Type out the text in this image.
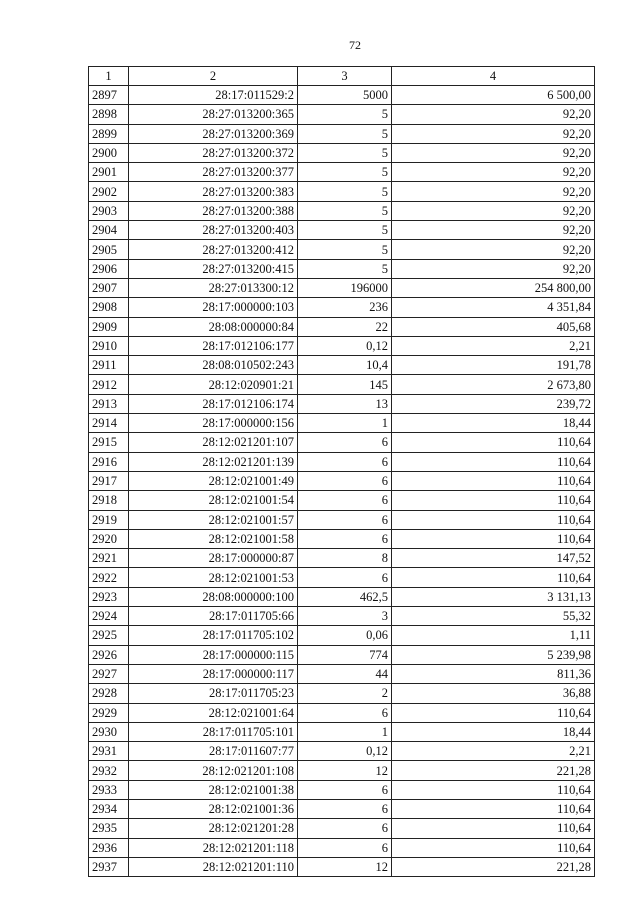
72
1	2	3	4
2897	28:17:011529:2	5000	6 500,00
2898	28:27:013200:365	5	92,20
2899	28:27:013200:369	5	92,20
2900	28:27:013200:372	5	92,20
2901	28:27:013200:377	5	92,20
2902	28:27:013200:383	5	92,20
2903	28:27:013200:388	5	92,20
2904	28:27:013200:403	5	92,20
2905	28:27:013200:412	5	92,20
2906	28:27:013200:415	5	92,20
2907	28:27:013300:12	196000	254 800,00
2908	28:17:000000:103	236	4 351,84
2909	28:08:000000:84	22	405,68
2910	28:17:012106:177	0,12	2,21
2911	28:08:010502:243	10,4	191,78
2912	28:12:020901:21	145	2 673,80
2913	28:17:012106:174	13	239,72
2914	28:17:000000:156	1	18,44
2915	28:12:021201:107	6	110,64
2916	28:12:021201:139	6	110,64
2917	28:12:021001:49	6	110,64
2918	28:12:021001:54	6	110,64
2919	28:12:021001:57	6	110,64
2920	28:12:021001:58	6	110,64
2921	28:17:000000:87	8	147,52
2922	28:12:021001:53	6	110,64
2923	28:08:000000:100	462,5	3 131,13
2924	28:17:011705:66	3	55,32
2925	28:17:011705:102	0,06	1,11
2926	28:17:000000:115	774	5 239,98
2927	28:17:000000:117	44	811,36
2928	28:17:011705:23	2	36,88
2929	28:12:021001:64	6	110,64
2930	28:17:011705:101	1	18,44
2931	28:17:011607:77	0,12	2,21
2932	28:12:021201:108	12	221,28
2933	28:12:021001:38	6	110,64
2934	28:12:021001:36	6	110,64
2935	28:12:021201:28	6	110,64
2936	28:12:021201:118	6	110,64
2937	28:12:021201:110	12	221,28
